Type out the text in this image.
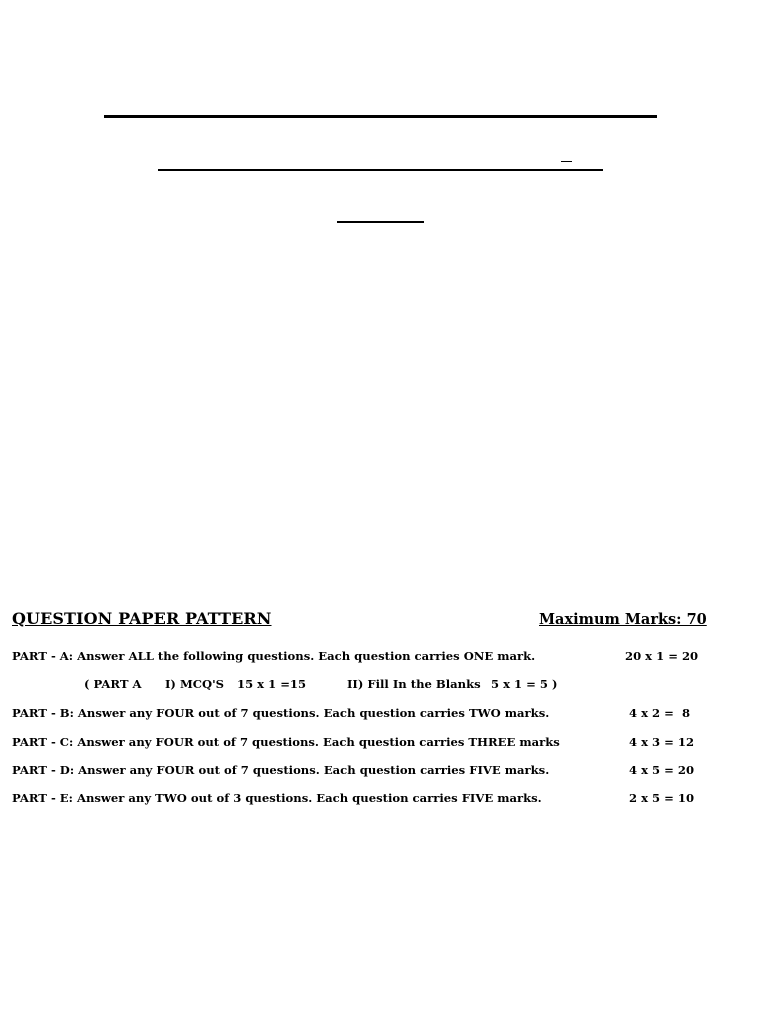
QUESTION PAPER PATTERN	Maximum Marks: 70
PART - A: Answer ALL the following questions. Each question carries ONE mark.	20 x 1 = 20
( PART A I) MCQ'S 15 x 1 =15	II) Fill In the Blanks 5 x 1 = 5 )
PART - B: Answer any FOUR out of 7 questions. Each question carries TWO marks.	4 x 2 =  8
PART - C: Answer any FOUR out of 7 questions. Each question carries THREE marks	4 x 3 = 12
PART - D: Answer any FOUR out of 7 questions. Each question carries FIVE marks.	4 x 5 = 20
PART - E: Answer any TWO out of 3 questions. Each question carries FIVE marks.	2 x 5 = 10
